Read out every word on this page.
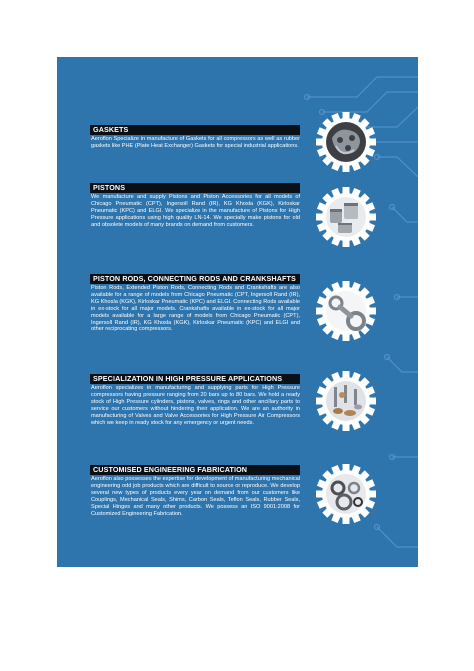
GASKETS
Aeroflon Specialize in manufacture of Gaskets for all compressors as well as rubber gaskets like PHE (Plate Heat Exchanger) Gaskets for special industrial applications.
PISTONS
We manufacture and supply Pistons and Piston Accessories for all models of Chicago Pneumatic (CPT), Ingersoll Rand (IR), KG Khosla (KGK), Kirloskar Pneumatic (KPC) and ELGI. We specialize in the manufacture of Pistons for High Pressure applications using high quality LN-14. We specially make pistons for old and obsolete models of many brands on demand from customers.
PISTON RODS, CONNECTING RODS AND CRANKSHAFTS
Piston Rods, Extended Piston Rods, Connecting Rods and Crankshafts are also available for a range of models from Chicago Pneumatic (CPT, Ingersoll Rand (IR), KG Khosla (KGK), Kirloskar Pneumatic (KPC) and ELGI. Connecting Rods available in ex-stock for all major models. Crankshafts available in ex-stock for all major models available for a large range of models from Chicago Pneumatic (CPT), Ingersoll Rand (IR), KG Khosla (KGK), Kirloskar Pneumatic (KPC) and ELGI and other reciprocating compressors.
SPECIALIZATION IN HIGH PRESSURE APPLICATIONS
Aeroflon specializes in manufacturing and supplying parts for High Pressure compressors having pressure ranging from 20 bars up to 80 bars. We hold a ready stock of High Pressure cylinders, pistons, valves, rings and other ancillary parts to service our customers without hindering their application. We are an authority in manufacturing of Valves and Valve Accessories for High Pressure Air Compressors which we keep in ready stock for any emergency or urgent needs.
CUSTOMISED ENGINEERING FABRICATION
Aeroflon also possesses the expertise for development of manufacturing mechanical engineering odd job products which are difficult to source or reproduce. We develop several new types of products every year on demand from our customers like Couplings, Mechanical Seals, Shims, Carbon Seals, Teflon Seals, Rubber Seals, Special Hinges and many other products. We possess an ISO 9001:2008 for Customized Engineering Fabrication.
